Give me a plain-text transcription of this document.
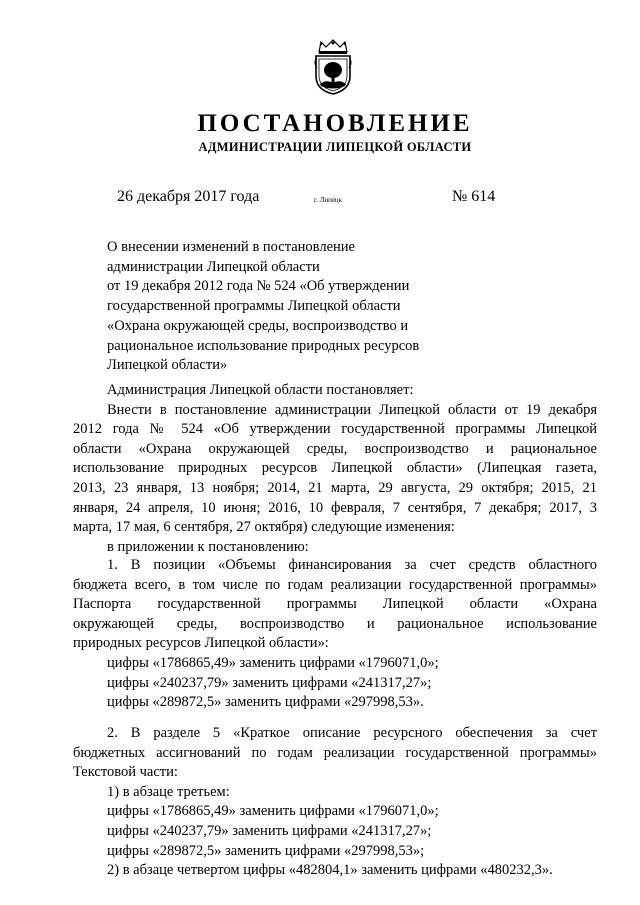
ПОСТАНОВЛЕНИЕ
АДМИНИСТРАЦИИ ЛИПЕЦКОЙ ОБЛАСТИ
26 декабря 2017 года	г. Липецк	№ 614
О внесении изменений в постановление
администрации Липецкой области
от 19 декабря 2012 года № 524 «Об утверждении
государственной программы Липецкой области
«Охрана окружающей среды, воспроизводство и
рациональное использование природных ресурсов
Липецкой области»

Администрация Липецкой области постановляет:

Внести в постановление администрации Липецкой области от 19 декабря

2012 года № 524 «Об утверждении государственной программы Липецкой

области «Охрана окружающей среды, воспроизводство и рациональное

использование природных ресурсов Липецкой области» (Липецкая газета,

2013, 23 января, 13 ноября; 2014, 21 марта, 29 августа, 29 октября; 2015, 21

января, 24 апреля, 10 июня; 2016, 10 февраля, 7 сентября, 7 декабря; 2017, 3

марта, 17 мая, 6 сентября, 27 октября) следующие изменения:

в приложении к постановлению:

1. В позиции «Объемы финансирования за счет средств областного

бюджета всего, в том числе по годам реализации государственной программы»

Паспорта государственной программы Липецкой области «Охрана

окружающей среды, воспроизводство и рациональное использование

природных ресурсов Липецкой области»:

цифры «1786865,49» заменить цифрами «1796071,0»;

цифры «240237,79» заменить цифрами «241317,27»;

цифры «289872,5» заменить цифрами «297998,53».

2. В разделе 5 «Краткое описание ресурсного обеспечения за счет

бюджетных ассигнований по годам реализации государственной программы»

Текстовой части:

1) в абзаце третьем:

цифры «1786865,49» заменить цифрами «1796071,0»;

цифры «240237,79» заменить цифрами «241317,27»;

цифры «289872,5» заменить цифрами «297998,53»;

2) в абзаце четвертом цифры «482804,1» заменить цифрами «480232,3».
